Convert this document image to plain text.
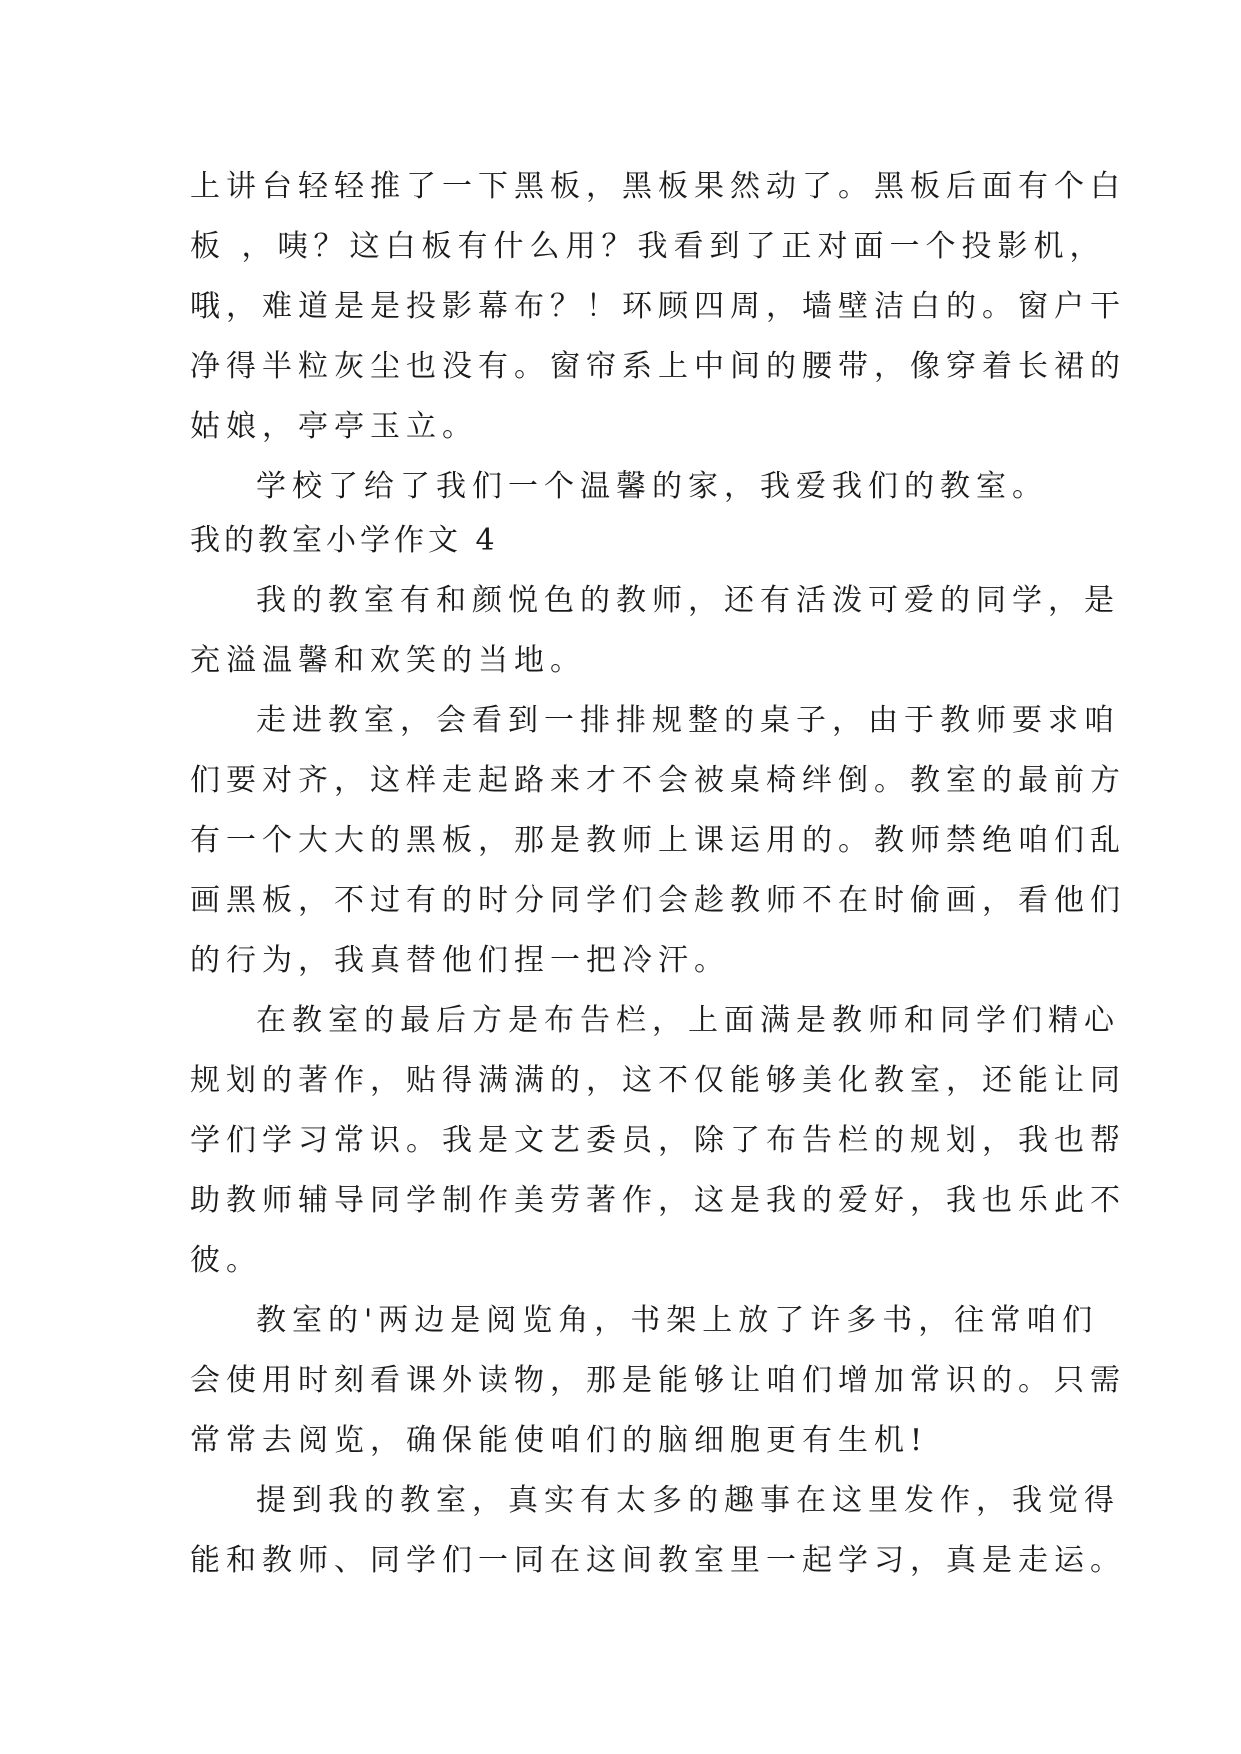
上讲台轻轻推了一下黑板，黑板果然动了。黑板后面有个白
板 ，咦？这白板有什么用？我看到了正对面一个投影机，
哦，难道是是投影幕布？！环顾四周，墙壁洁白的。窗户干
净得半粒灰尘也没有。窗帘系上中间的腰带，像穿着长裙的
姑娘，亭亭玉立。
学校了给了我们一个温馨的家，我爱我们的教室。
我的教室小学作文 4
我的教室有和颜悦色的教师，还有活泼可爱的同学，是
充溢温馨和欢笑的当地。
走进教室，会看到一排排规整的桌子，由于教师要求咱
们要对齐，这样走起路来才不会被桌椅绊倒。教室的最前方
有一个大大的黑板，那是教师上课运用的。教师禁绝咱们乱
画黑板，不过有的时分同学们会趁教师不在时偷画，看他们
的行为，我真替他们捏一把冷汗。
在教室的最后方是布告栏，上面满是教师和同学们精心
规划的著作，贴得满满的，这不仅能够美化教室，还能让同
学们学习常识。我是文艺委员，除了布告栏的规划，我也帮
助教师辅导同学制作美劳著作，这是我的爱好，我也乐此不
彼。
教室的'两边是阅览角，书架上放了许多书，往常咱们
会使用时刻看课外读物，那是能够让咱们增加常识的。只需
常常去阅览，确保能使咱们的脑细胞更有生机!
提到我的教室，真实有太多的趣事在这里发作，我觉得
能和教师、同学们一同在这间教室里一起学习，真是走运。
